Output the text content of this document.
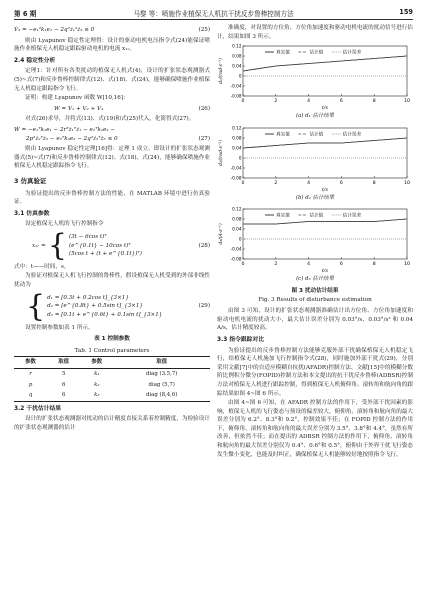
第 6 期	马黎 等：喷施作业植保无人机抗干扰反步鲁棒控制方法	159
V̇₃ = −e₁²k₁e₁ − 2q²ż₁²ż₃ ≤ 0	(25)

则由 Lyapunov 稳定性定理得：设计的驱动电机电压指令式(24)能保证喷施作业植保无人机稳定跟踪驱动电机的电流 x₁ᵣ。

2.4 稳定性分析

定理1：针对所有各类扰动的植保无人机式(4)，设计的扩张状态观测器式(5)~式(7)和反步鲁棒控制律式(12)、式(18)、式(24)，能够确保喷施作业植保无人机稳定跟踪指令飞行。

证明：构建 Lyapunov 函数 W[10,16]：

W = V₁ + V₂ + V₃	(26)

对式(26)求导，并将式(13)、式(19)和式(25)代入，化简得式(27)。

Ẇ = −e₁ᵀk₁e₁ − 2rᵀż₁ᵀż₁ − e₂ᵀk₂e₂ −
2p²ż₂ᵀż₂ − e₃ᵀk₃e₃ − 2q²ż₃ᵀż₃ ≤ 0	(27)

则由 Lyapunov 稳定性定理[16]得：定理 1 成立。即设计的扩张状态观测器式(5)~式(7)和反步鲁棒控制律式(12)、式(18)、式(24)，能够确保喷施作业植保无人机稳定跟踪指令飞行。

3 仿真验证

为验证提出的反步鲁棒控制方法的性能，在 MATLAB 环境中进行仿真验证。

3.1 仿真参数

设定植保无人机的飞行控制指令

x₁ᵣ = { (3t − 6cos t)ᵀ
(e^{0.1t} − 10cos t)ᵀ
(5cos t + (t + e^{0.1t})ᵀ)
(28)

式中：t——时间，s。

为验证对植保无人机飞行控制的鲁棒性，假设植保无人机受到的外部非线性扰动为

{ d₁ = [0.3t + 0.2cos t]_{3×1}
d₂ = [e^{0.8t} + 0.5sin t]_{3×1}
d₃ = [0.1t + e^{0.6t} + 0.1sin t]_{3×1}
(29)

设置控制参数如表 1 所示。

表 1 控制参数
Tab. 1 Control parameters
参数	取值	参数	取值
r	5	k₁	diag (3.5,7)
p	6	k₂	diag (5,7)
q	6	k₃	diag (8,4,6)
3.2 干扰估计结果

设计的扩张状态观测器对扰动的估计精度直接关系着控制精度，为检验设计的扩张状态观测器的估计

准确度，对设置的方位角、方位角加速度和驱动电机电流的扰动信号进行估计，结果如图 3 所示。

0	2	4	6	8	10
-0.08
-0.04
0
0.04
0.08
0.12
t/s
d₁/(rad·s⁻¹)
真实值	估计值	估计误差
(a) d₁ 估计结果
0	2	4	6	8	10
-0.08
-0.04
0
0.04
0.08
0.12
t/s
d₂/(rad·s⁻²)
真实值	估计值	估计误差
(b) d₂ 估计结果
0	2	4	6	8	10
-0.08
-0.04
0
0.04
0.08
0.12
t/s
d₃/(A·s⁻¹)
真实值	估计值	估计误差
(c) d₃ 估计结果
图 3 扰动估计结果
Fig. 3 Results of disturbance estimation

由图 3 可知，设计的扩张状态观测器准确估计出方位角、方位角加速度和驱动电机电流的扰动大小，最大估计误差分别为 0.03°/s、0.03°/s² 和 0.04 A/s，估计精度较高。

3.3 指令跟踪对比

为验证提出的反步鲁棒控制方法能够克服外部干扰确保植保无人机稳定飞行，给植保无人机施加飞行控制指令式(28)，同时施加外部干扰式(29)，分别采用文献[7]中的自适应模糊自抗扰(AFADR)控制方法、文献[15]中的模糊分数阶比例积分微分(FOPID)控制方法和本文提出的抗干扰反步鲁棒(ADBSR)控制方法对植保无人机进行跟踪控制，得到植保无人机俯仰角、滚转角和航向角的跟踪结果如图 4~图 6 所示。

由图 4~图 6 可知，在 AFADR 控制方法的作用下，受外部干扰因素的影响，植保无人机的飞行姿态与预设的偏差较大，俯仰角、滚转角和航向角的最大误差分别为 6.2°、8.3°和 9.2°，控制效果不佳；在 FOPID 控制方法的作用下，俯仰角、滚转角和航向角的最大误差分别为 3.5°、3.8°和 4.4°，虽然有所改善，但依然不佳；而在提出的 ADBSR 控制方法的作用下，俯仰角、滚转角和航向角的最大误差分别仅为 0.4°、0.6°和 0.5°，俯仰由于外界干扰飞行姿态发生微小变化，也能及时纠正，确保植保无人机能够较好地按照指令飞行。
